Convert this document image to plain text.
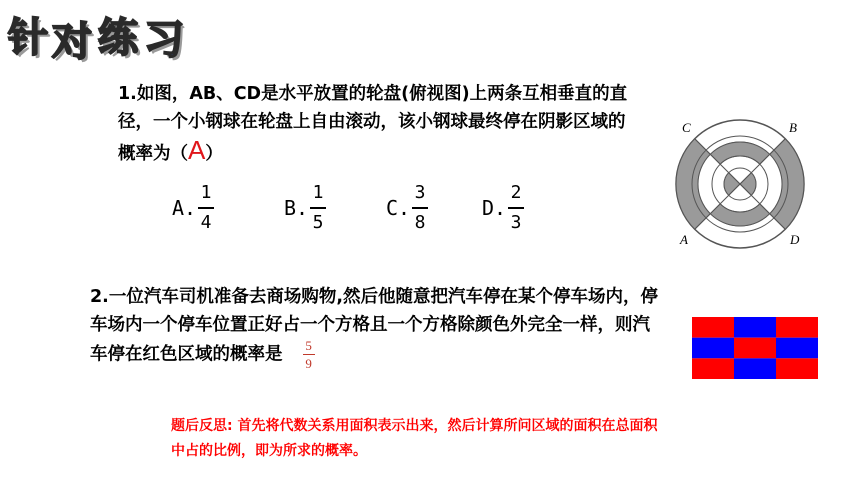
针 对 练 习
1.如图，AB、CD是水平放置的轮盘(俯视图)上两条互相垂直的直径，一个小钢球在轮盘上自由滚动，该小钢球最终停在阴影区域的概率为（A）
A. $\frac{1}{4}$	B. $\frac{1}{5}$	C. $\frac{3}{8}$	D. $\frac{2}{3}$
C	B
A	D
2.一位汽车司机准备去商场购物,然后他随意把汽车停在某个停车场内，停车场内一个停车位置正好占一个方格且一个方格除颜色外完全一样，则汽车停在红色区域的概率是 $\frac{5}{9}$
题后反思: 首先将代数关系用面积表示出来，然后计算所问区域的面积在总面积中占的比例，即为所求的概率。
